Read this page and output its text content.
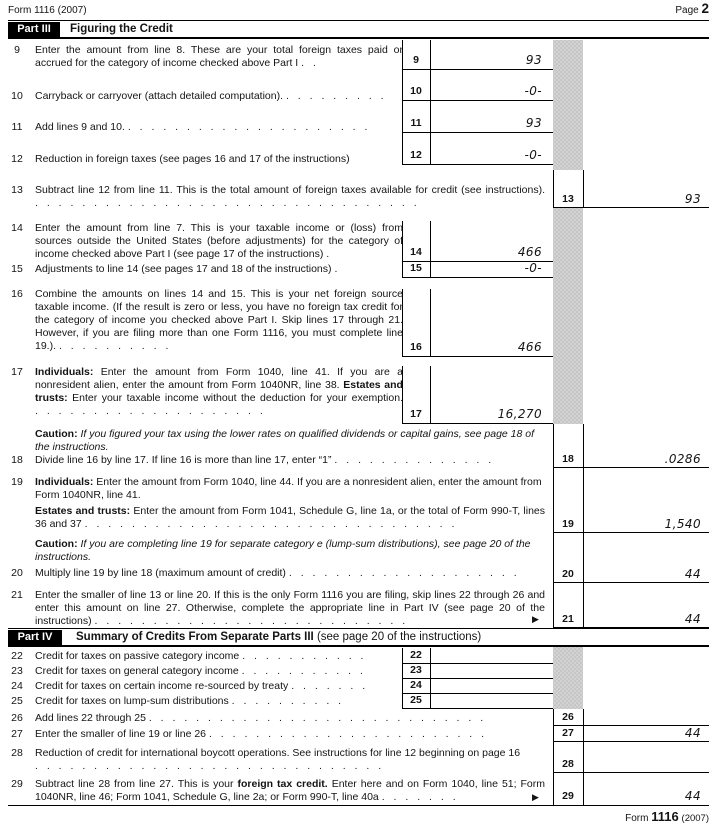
Form 1116 (2007)	Page 2
Part III	Figuring the Credit
9	Enter the amount from line 8. These are your total foreign taxes paid or accrued for the category of income checked above Part I . .	9	93
10	Carryback or carryover (attach detailed computation). . . . . . . . . .	10	-0-
11	Add lines 9 and 10. . . . . . . . . . . . . . . . . . . . . .	11	93
12	Reduction in foreign taxes (see pages 16 and 17 of the instructions)	12	-0-
13	Subtract line 12 from line 11. This is the total amount of foreign taxes available for credit (see instructions). . . . . . . . . . . . . . . . . . . . . . . . . . . . . . . . . .	13	93
14	Enter the amount from line 7. This is your taxable income or (loss) from sources outside the United States (before adjustments) for the category of income checked above Part I (see page 17 of the instructions) .	14	466
15	Adjustments to line 14 (see pages 17 and 18 of the instructions) .	15	-0-
16	Combine the amounts on lines 14 and 15. This is your net foreign source taxable income. (If the result is zero or less, you have no foreign tax credit for the category of income you checked above Part I. Skip lines 17 through 21. However, if you are filing more than one Form 1116, you must complete line 19.). . . . . . . . . . .	16	466
17	Individuals: Enter the amount from Form 1040, line 41. If you are a nonresident alien, enter the amount from Form 1040NR, line 38. Estates and trusts: Enter your taxable income without the deduction for your exemption. . . . . . . . . . . . . . . . . . . . .	17	16,270
Caution: If you figured your tax using the lower rates on qualified dividends or capital gains, see page 18 of the instructions.
18	Divide line 16 by line 17. If line 16 is more than line 17, enter “1” . . . . . . . . . . . . . .	18	.0286
19	Individuals: Enter the amount from Form 1040, line 44. If you are a nonresident alien, enter the amount from Form 1040NR, line 41.
Estates and trusts: Enter the amount from Form 1041, Schedule G, line 1a, or the total of Form 990-T, lines 36 and 37 . . . . . . . . . . . . . . . . . . . . . . . . . . . . . . . .	19	1,540
Caution: If you are completing line 19 for separate category e (lump-sum distributions), see page 20 of the instructions.
20	Multiply line 19 by line 18 (maximum amount of credit) . . . . . . . . . . . . . . . . . . . .	20	44
21	Enter the smaller of line 13 or line 20. If this is the only Form 1116 you are filing, skip lines 22 through 26 and enter this amount on line 27. Otherwise, complete the appropriate line in Part IV (see page 20 of the instructions) . . . . . . . . . . . . . . . . . . . . . . . . . . .	▶	21	44
Part IV	Summary of Credits From Separate Parts III (see page 20 of the instructions)
22	Credit for taxes on passive category income . . . . . . . . . . .	22
23	Credit for taxes on general category income . . . . . . . . . . .	23
24	Credit for taxes on certain income re-sourced by treaty . . . . . . .	24
25	Credit for taxes on lump-sum distributions . . . . . . . . . .	25
26	Add lines 22 through 25 . . . . . . . . . . . . . . . . . . . . . . . . . . . . .	26
27	Enter the smaller of line 19 or line 26 . . . . . . . . . . . . . . . . . . . . . . . .	27	44
28	Reduction of credit for international boycott operations. See instructions for line 12 beginning on page 16 . . . . . . . . . . . . . . . . . . . . . . . . . . . . . .	28
29	Subtract line 28 from line 27. This is your foreign tax credit. Enter here and on Form 1040, line 51; Form 1040NR, line 46; Form 1041, Schedule G, line 2a; or Form 990-T, line 40a . . . . . . .	▶	29	44
Form 1116 (2007)
